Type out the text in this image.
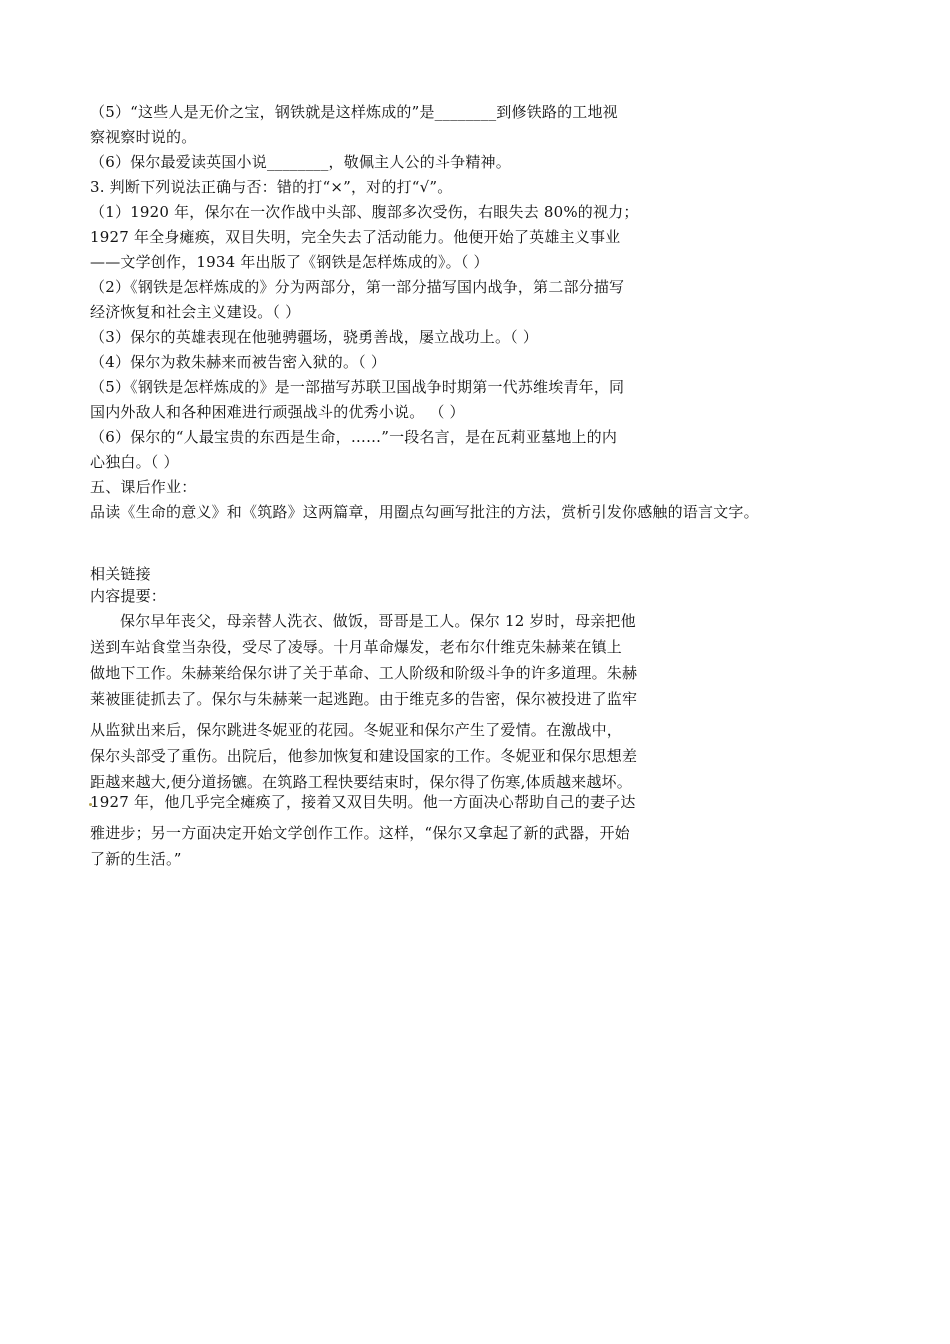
（5）“这些人是无价之宝，钢铁就是这样炼成的”是________到修铁路的工地视
察视察时说的。
（6）保尔最爱读英国小说________，敬佩主人公的斗争精神。
3. 判断下列说法正确与否：错的打“×”，对的打“√”。
（1）1920 年，保尔在一次作战中头部、腹部多次受伤，右眼失去 80%的视力；
1927 年全身瘫痪，双目失明，完全失去了活动能力。他便开始了英雄主义事业
——文学创作，1934 年出版了《钢铁是怎样炼成的》。（ ）
（2）《钢铁是怎样炼成的》分为两部分，第一部分描写国内战争，第二部分描写
经济恢复和社会主义建设。（ ）
（3）保尔的英雄表现在他驰骋疆场，骁勇善战，屡立战功上。（ ）
（4）保尔为救朱赫来而被告密入狱的。（ ）
（5）《钢铁是怎样炼成的》是一部描写苏联卫国战争时期第一代苏维埃青年，同
国内外敌人和各种困难进行顽强战斗的优秀小说。 （ ）
（6）保尔的“人最宝贵的东西是生命，……”一段名言，是在瓦莉亚墓地上的内
心独白。（ ）
五、课后作业：
品读《生命的意义》和《筑路》这两篇章，用圈点勾画写批注的方法，赏析引发你感触的语言文字。
相关链接
内容提要：
保尔早年丧父，母亲替人洗衣、做饭，哥哥是工人。保尔 12 岁时，母亲把他
送到车站食堂当杂役，受尽了凌辱。十月革命爆发，老布尔什维克朱赫莱在镇上
做地下工作。朱赫莱给保尔讲了关于革命、工人阶级和阶级斗争的许多道理。朱赫
莱被匪徒抓去了。保尔与朱赫莱一起逃跑。由于维克多的告密，保尔被投进了监牢
从监狱出来后，保尔跳进冬妮亚的花园。冬妮亚和保尔产生了爱情。在激战中，
保尔头部受了重伤。出院后，他参加恢复和建设国家的工作。冬妮亚和保尔思想差
距越来越大,便分道扬镳。在筑路工程快要结束时，保尔得了伤寒,体质越来越坏。
1927 年，他几乎完全瘫痪了，接着又双目失明。他一方面决心帮助自己的妻子达
雅进步；另一方面决定开始文学创作工作。这样，“保尔又拿起了新的武器，开始
了新的生活。”
